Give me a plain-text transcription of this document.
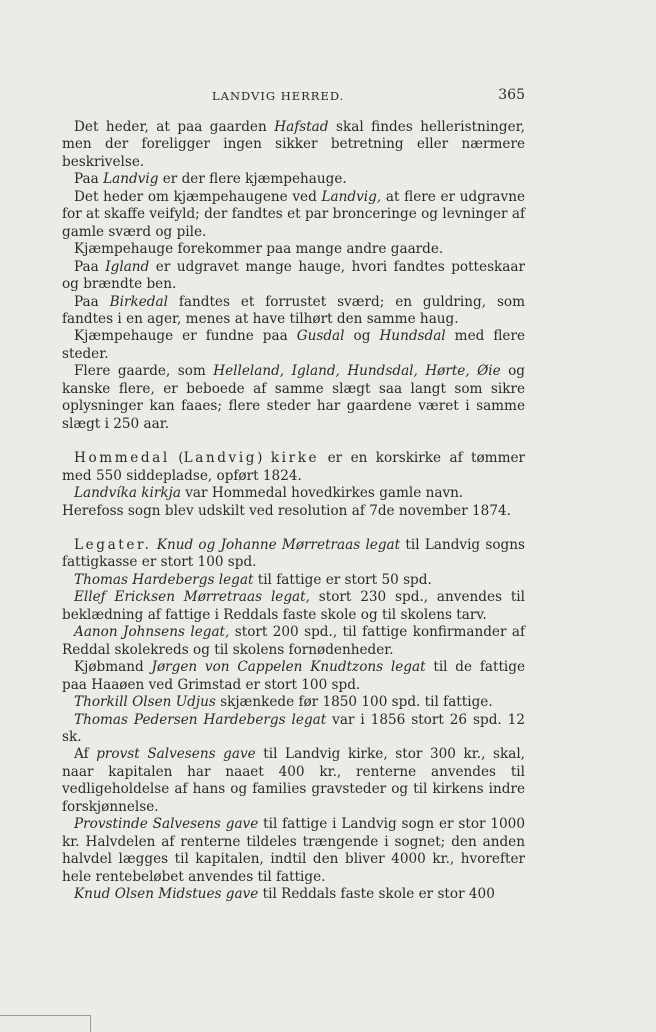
LANDVIG HERRED.	365

Det heder, at paa gaarden Hafstad skal findes helleristninger, men der foreligger ingen sikker betretning eller nærmere beskrivelse.

Paa Landvig er der flere kjæmpehauge.

Det heder om kjæmpehaugene ved Landvig, at flere er udgravne for at skaffe veifyld; der fandtes et par bronceringe og levninger af gamle sværd og pile.

Kjæmpehauge forekommer paa mange andre gaarde.

Paa Igland er udgravet mange hauge, hvori fandtes potteskaar og brændte ben.

Paa Birkedal fandtes et forrustet sværd; en guldring, som fandtes i en ager, menes at have tilhørt den samme haug.

Kjæmpehauge er fundne paa Gusdal og Hundsdal med flere steder.

Flere gaarde, som Helleland, Igland, Hundsdal, Hørte, Øie og kanske flere, er beboede af samme slægt saa langt som sikre oplysninger kan faaes; flere steder har gaardene været i samme slægt i 250 aar.

Hommedal (Landvig) kirke er en korskirke af tømmer med 550 siddepladse, opført 1824.

Landvíka kirkja var Hommedal hovedkirkes gamle navn.

Herefoss sogn blev udskilt ved resolution af 7de november 1874.

Legater. Knud og Johanne Mørretraas legat til Landvig sogns fattigkasse er stort 100 spd.

Thomas Hardebergs legat til fattige er stort 50 spd.

Elleƒ Ericksen Mørretraas legat, stort 230 spd., anvendes til beklædning af fattige i Reddals faste skole og til skolens tarv.

Aanon Johnsens legat, stort 200 spd., til fattige konfirmander af Reddal skolekreds og til skolens fornødenheder.

Kjøbmand Jørgen von Cappelen Knudtzons legat til de fattige paa Haaøen ved Grimstad er stort 100 spd.

Thorkill Olsen Udjus skjænkede før 1850 100 spd. til fattige.

Thomas Pedersen Hardebergs legat var i 1856 stort 26 spd. 12 sk.

Af provst Salvesens gave til Landvig kirke, stor 300 kr., skal, naar kapitalen har naaet 400 kr., renterne anvendes til vedligeholdelse af hans og families gravsteder og til kirkens indre forskjønnelse.

Provstinde Salvesens gave til fattige i Landvig sogn er stor 1000 kr. Halvdelen af renterne tildeles trængende i sognet; den anden halvdel lægges til kapitalen, indtil den bliver 4000 kr., hvorefter hele rentebeløbet anvendes til fattige.

Knud Olsen Midstues gave til Reddals faste skole er stor 400
